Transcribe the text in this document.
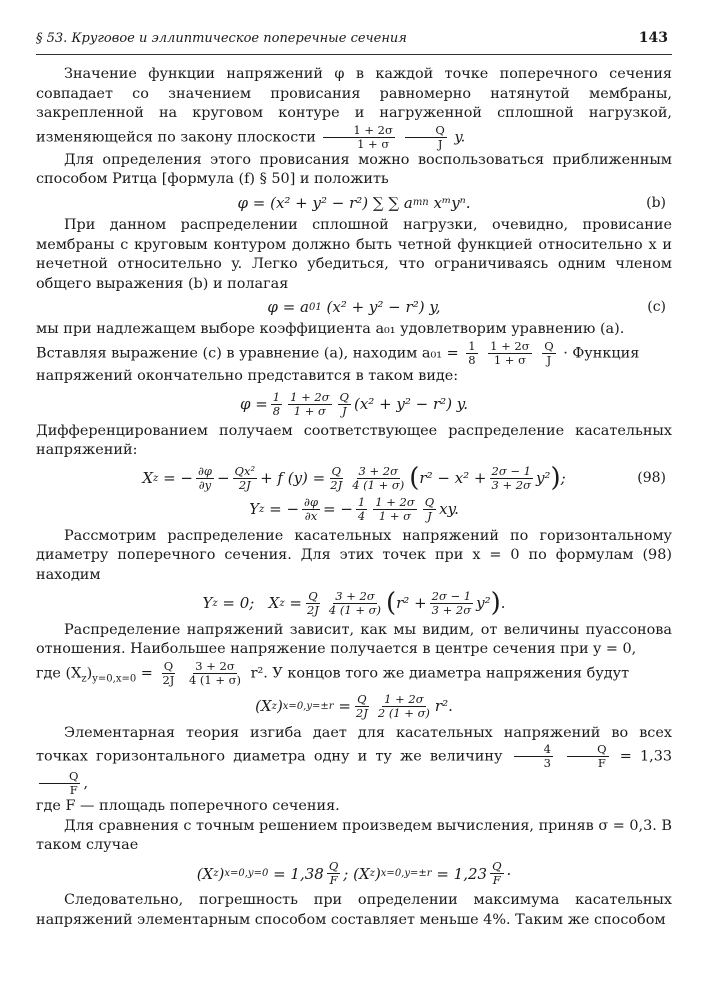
§ 53. Круговое и эллиптическое поперечные сечения	143

Значение функции напряжений φ в каждой точке поперечного сечения совпадает со значением провисания равномерно натянутой мембраны, закрепленной на круговом контуре и нагруженной сплошной нагрузкой, изменяющейся по закону плоскости $\frac{1 + 2\sigma}{1 + \sigma}$
$\frac{Q}{J} y$.

Для определения этого провисания можно воспользоваться приближенным способом Ритца [формула (f) § 50] и положить

φ = (x² + y² − r²) ∑ ∑ a mn
xᵐyⁿ.	(b)

При данном распределении сплошной нагрузки, очевидно, провисание мембраны с круговым контуром должно быть четной функцией относительно x и нечетной относительно y. Легко убедиться, что ограничиваясь одним членом общего выражения (b) и полагая

φ = a 01
(x² + y² − r²) y,	(c)

мы при надлежащем выборе коэффициента a₀₁ удовлетворим уравнению (a).

Вставляя выражение (c) в уравнение (a), находим $a_{01} = \frac{1}{8}$
$\frac{1 + 2\sigma}{1 + \sigma}$
$\frac{Q}{J}$ · Функция

напряжений окончательно представится в таком виде:

$\varphi = \frac{1}{8} 1 + 2\sigma$
1 + σ
Q
J (x² + y² − r²) y.

Дифференцированием получаем соответствующее распределение касательных напряжений:

X z
= − $\frac{\partial\varphi}{\partial y} - \frac{\text{Qx²}}{2J} + f$ $(y) = \frac{Q}{2J} 3 + 2\sigma$
4 (1 + σ) ( $r^2 - x^2 + \frac{2\sigma - 1}{3 + 2\sigma} y^2$ ) ;	(98)
Y z
= − $\frac{\partial\varphi}{\partial x}$ = − $\frac{1}{4} 1 + 2\sigma$
1 + σ
Q
J xy.

Рассмотрим распределение касательных напряжений по горизонтальному диаметру поперечного сечения. Для этих точек при x = 0 по формулам (98) находим

Y z
= 0;
X z
= $\frac{Q}{2J} 3 + 2\sigma$
4 (1 + σ) ( $r^2 + \frac{2\sigma - 1}{3 + 2\sigma} y^2$ ) .

Распределение напряжений зависит, как мы видим, от величины пуассонова отношения. Наибольшее напряжение получается в центре сечения при y = 0,

где $(X_z)_{y=0,x=0} = \frac{Q}{2J}$
$\frac{3 + 2\sigma}{4 (1 + \sigma)} r^2$. У концов того же диаметра напряжения будут

(X z ) x=0,y=±r
= $\frac{Q}{2J} 1 + 2\sigma$
2 (1 + σ) r².

Элементарная теория изгиба дает для касательных напряжений во всех точках горизонтального диаметра одну и ту же величину $\frac{4}{3}$
$\frac{Q}{F} = 1,33$
$\frac{Q}{F}$ ,

где F — площадь поперечного сечения.

Для сравнения с точным решением произведем вычисления, приняв σ = 0,3. В таком случае

(X z ) x=0,y=0
= 1,38 Q
F ;
(X z ) x=0,y=±r
= 1,23 Q
F ·

Следовательно, погрешность при определении максимума касательных напряжений элементарным способом составляет меньше 4%. Таким же способом
